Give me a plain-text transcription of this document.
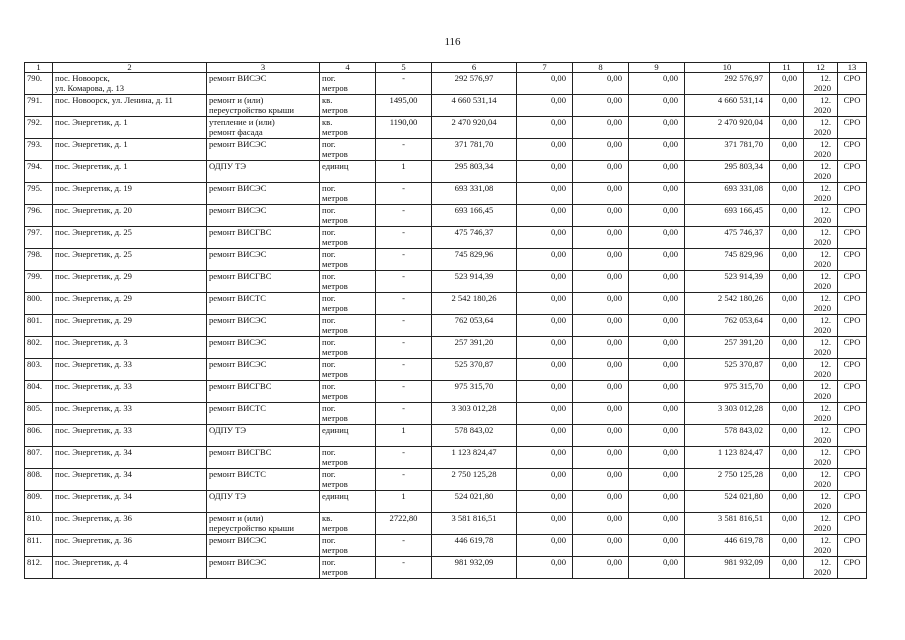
116
1	2	3	4	5	6	7	8	9	10	11	12	13
790.	пос. Новоорск,
ул. Комарова, д. 13	ремонт ВИСЭС	пог.
метров	-	292 576,97	0,00	0,00	0,00	292 576,97	0,00	12.
2020	СРО
791.	пос. Новоорск, ул. Ленина, д. 11	ремонт и (или)
переустройство крыши	кв.
метров	1495,00	4 660 531,14	0,00	0,00	0,00	4 660 531,14	0,00	12.
2020	СРО
792.	пос. Энергетик, д. 1	утепление и (или)
ремонт фасада	кв.
метров	1190,00	2 470 920,04	0,00	0,00	0,00	2 470 920,04	0,00	12.
2020	СРО
793.	пос. Энергетик, д. 1	ремонт ВИСЭС	пог.
метров	-	371 781,70	0,00	0,00	0,00	371 781,70	0,00	12.
2020	СРО
794.	пос. Энергетик, д. 1	ОДПУ ТЭ	единиц	1	295 803,34	0,00	0,00	0,00	295 803,34	0,00	12.
2020	СРО
795.	пос. Энергетик, д. 19	ремонт ВИСЭС	пог.
метров	-	693 331,08	0,00	0,00	0,00	693 331,08	0,00	12.
2020	СРО
796.	пос. Энергетик, д. 20	ремонт ВИСЭС	пог.
метров	-	693 166,45	0,00	0,00	0,00	693 166,45	0,00	12.
2020	СРО
797.	пос. Энергетик, д. 25	ремонт ВИСГВС	пог.
метров	-	475 746,37	0,00	0,00	0,00	475 746,37	0,00	12.
2020	СРО
798.	пос. Энергетик, д. 25	ремонт ВИСЭС	пог.
метров	-	745 829,96	0,00	0,00	0,00	745 829,96	0,00	12.
2020	СРО
799.	пос. Энергетик, д. 29	ремонт ВИСГВС	пог.
метров	-	523 914,39	0,00	0,00	0,00	523 914,39	0,00	12.
2020	СРО
800.	пос. Энергетик, д. 29	ремонт ВИСТС	пог.
метров	-	2 542 180,26	0,00	0,00	0,00	2 542 180,26	0,00	12.
2020	СРО
801.	пос. Энергетик, д. 29	ремонт ВИСЭС	пог.
метров	-	762 053,64	0,00	0,00	0,00	762 053,64	0,00	12.
2020	СРО
802.	пос. Энергетик, д. 3	ремонт ВИСЭС	пог.
метров	-	257 391,20	0,00	0,00	0,00	257 391,20	0,00	12.
2020	СРО
803.	пос. Энергетик, д. 33	ремонт ВИСЭС	пог.
метров	-	525 370,87	0,00	0,00	0,00	525 370,87	0,00	12.
2020	СРО
804.	пос. Энергетик, д. 33	ремонт ВИСГВС	пог.
метров	-	975 315,70	0,00	0,00	0,00	975 315,70	0,00	12.
2020	СРО
805.	пос. Энергетик, д. 33	ремонт ВИСТС	пог.
метров	-	3 303 012,28	0,00	0,00	0,00	3 303 012,28	0,00	12.
2020	СРО
806.	пос. Энергетик, д. 33	ОДПУ ТЭ	единиц	1	578 843,02	0,00	0,00	0,00	578 843,02	0,00	12.
2020	СРО
807.	пос. Энергетик, д. 34	ремонт ВИСГВС	пог.
метров	-	1 123 824,47	0,00	0,00	0,00	1 123 824,47	0,00	12.
2020	СРО
808.	пос. Энергетик, д. 34	ремонт ВИСТС	пог.
метров	-	2 750 125,28	0,00	0,00	0,00	2 750 125,28	0,00	12.
2020	СРО
809.	пос. Энергетик, д. 34	ОДПУ ТЭ	единиц	1	524 021,80	0,00	0,00	0,00	524 021,80	0,00	12.
2020	СРО
810.	пос. Энергетик, д. 36	ремонт и (или)
переустройство крыши	кв.
метров	2722,80	3 581 816,51	0,00	0,00	0,00	3 581 816,51	0,00	12.
2020	СРО
811.	пос. Энергетик, д. 36	ремонт ВИСЭС	пог.
метров	-	446 619,78	0,00	0,00	0,00	446 619,78	0,00	12.
2020	СРО
812.	пос. Энергетик, д. 4	ремонт ВИСЭС	пог.
метров	-	981 932,09	0,00	0,00	0,00	981 932,09	0,00	12.
2020	СРО
